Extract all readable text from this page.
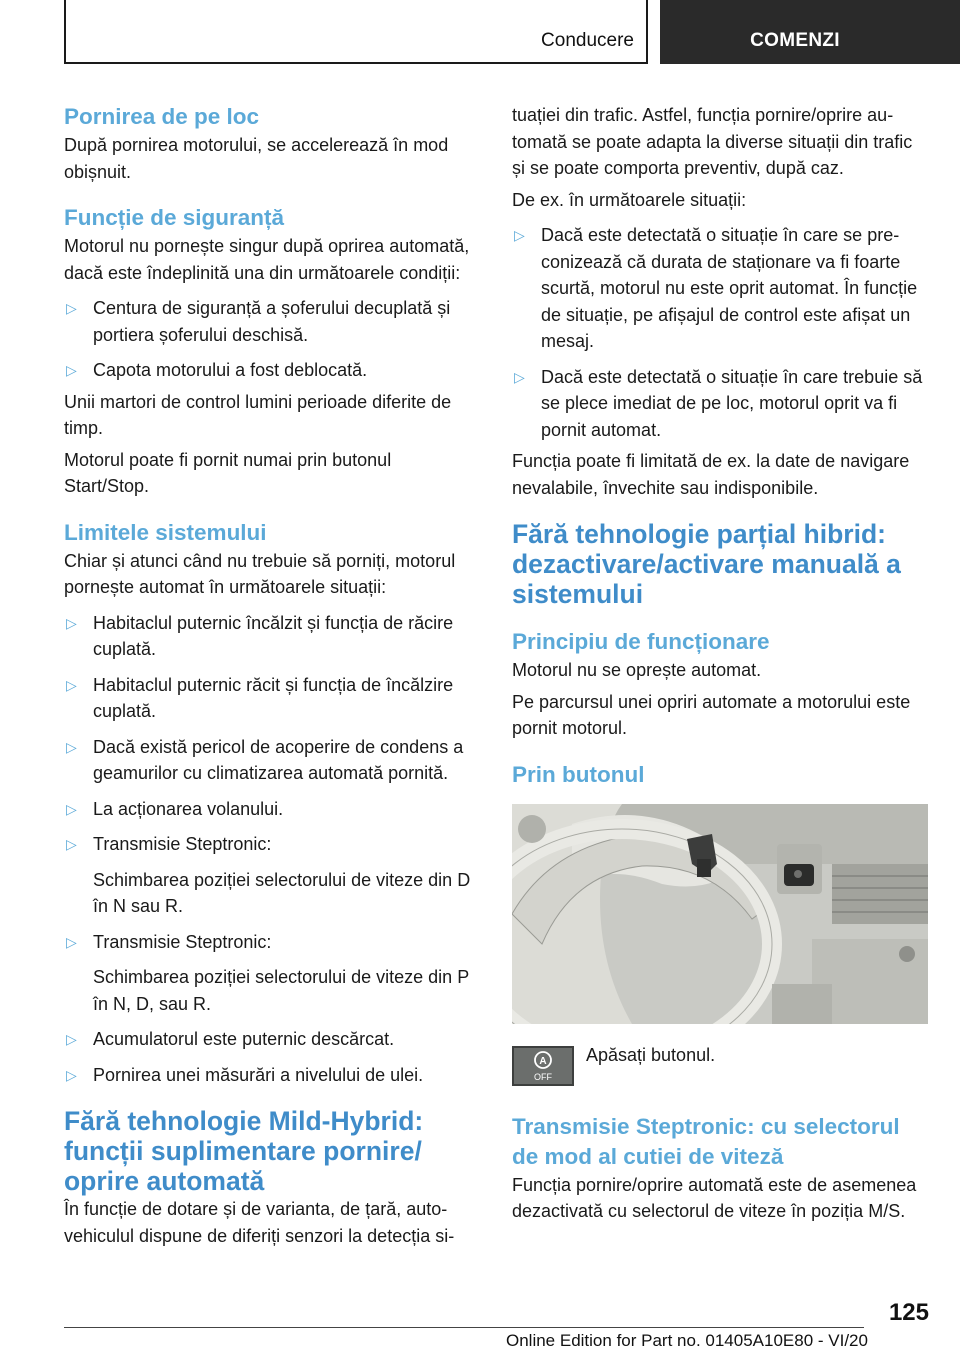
Conducere	COMENZI
Pornirea de pe loc
După pornirea motorului, se accelerează în mod obișnuit.
Funcție de siguranță
Motorul nu pornește singur după oprirea automată, dacă este îndeplinită una din următoarele condiții:
▷ Centura de siguranță a șoferului decuplată și portiera șoferului deschisă.
▷ Capota motorului a fost deblocată.
Unii martori de control lumini perioade diferite de timp.
Motorul poate fi pornit numai prin butonul Start/Stop.
Limitele sistemului
Chiar și atunci când nu trebuie să porniți, motorul pornește automat în următoarele situații:
▷ Habitaclul puternic încălzit și funcția de răcire cuplată.
▷ Habitaclul puternic răcit și funcția de încălzire cuplată.
▷ Dacă există pericol de acoperire de condens a geamurilor cu climatizarea automată pornită.
▷ La acționarea volanului.
▷ Transmisie Steptronic:
Schimbarea poziției selectorului de viteze din D în N sau R.
▷ Transmisie Steptronic:
Schimbarea poziției selectorului de viteze din P în N, D, sau R.
▷ Acumulatorul este puternic descărcat.
▷ Pornirea unei măsurări a nivelului de ulei.
Fără tehnologie Mild-Hybrid: funcții suplimentare pornire/ oprire automată
În funcție de dotare și de varianta, de țară, autovehiculul dispune de diferiți senzori la detecția si-
tuației din trafic. Astfel, funcția pornire/oprire automată se poate adapta la diverse situații din trafic și se poate comporta preventiv, după caz.
De ex. în următoarele situații:
▷ Dacă este detectată o situație în care se preconizează că durata de staționare va fi foarte scurtă, motorul nu este oprit automat. În funcție de situație, pe afișajul de control este afișat un mesaj.
▷ Dacă este detectată o situație în care trebuie să se plece imediat de pe loc, motorul oprit va fi pornit automat.
Funcția poate fi limitată de ex. la date de navigare nevalabile, învechite sau indisponibile.
Fără tehnologie parțial hibrid: dezactivare/activare manuală a sistemului
Principiu de funcționare
Motorul nu se oprește automat.
Pe parcursul unei opriri automate a motorului este pornit motorul.
Prin butonul
A
OFF
Apăsați butonul.
Transmisie Steptronic: cu selectorul de mod al cutiei de viteză
Funcția pornire/oprire automată este de asemenea dezactivată cu selectorul de viteze în poziția M/S.
125
Online Edition for Part no. 01405A10E80 - VI/20
